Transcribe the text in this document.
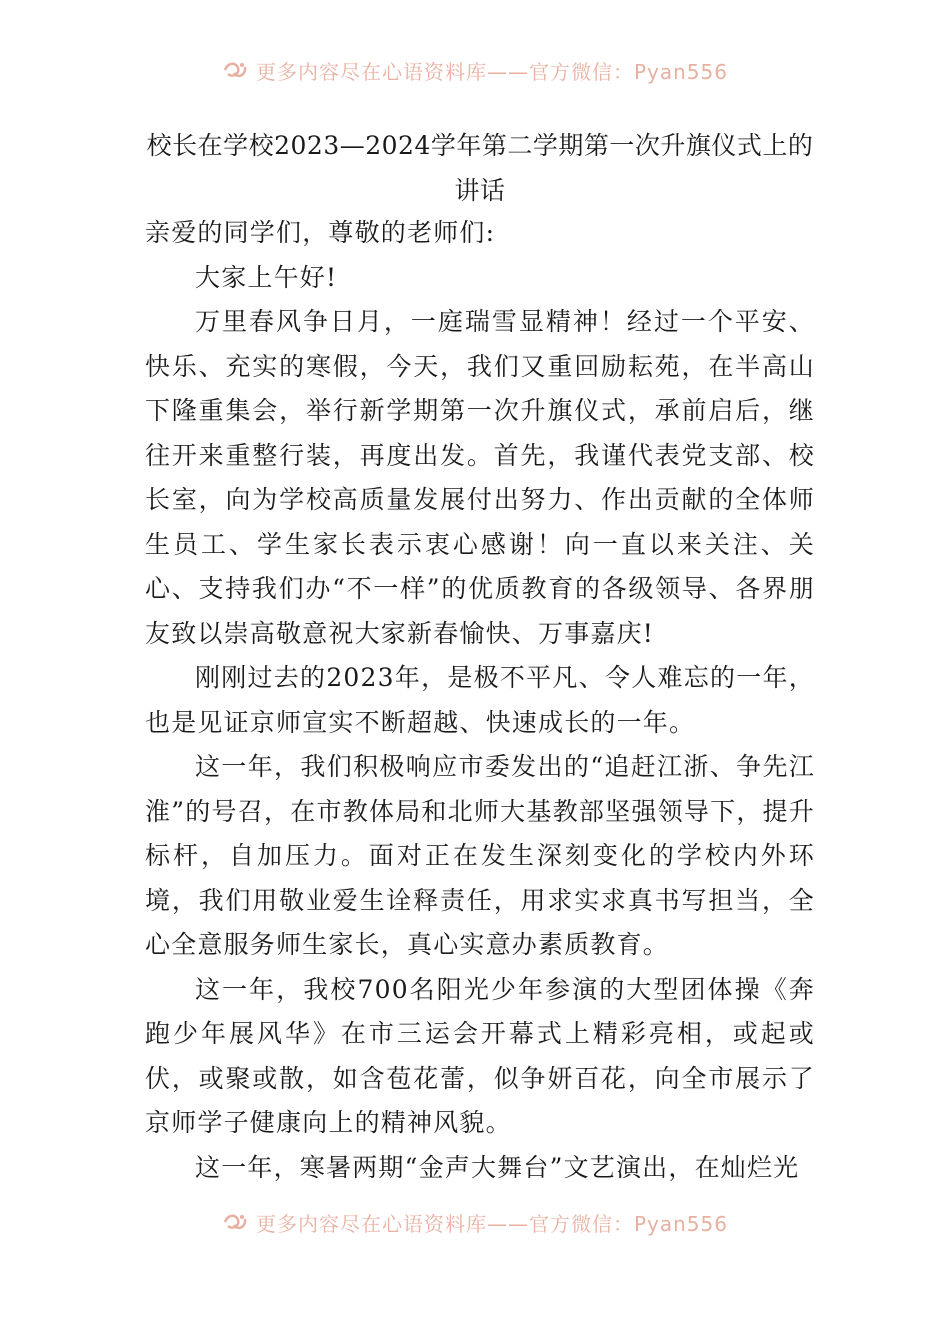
更多内容尽在心语资料库——官方微信：Pyan556
校长在学校2023—2024学年第二学期第一次升旗仪式上的
讲话

亲爱的同学们，尊敬的老师们:

大家上午好!

万里春风争日月，一庭瑞雪显精神！经过一个平安、快乐、充实的寒假，今天，我们又重回励耘苑，在半高山下隆重集会，举行新学期第一次升旗仪式，承前启后，继往开来重整行装，再度出发。首先，我谨代表党支部、校长室，向为学校高质量发展付出努力、作出贡献的全体师生员工、学生家长表示衷心感谢！向一直以来关注、关心、支持我们办“不一样”的优质教育的各级领导、各界朋友致以崇高敬意祝大家新春愉快、万事嘉庆!

刚刚过去的2023年，是极不平凡、令人难忘的一年，也是见证京师宣实不断超越、快速成长的一年。

这一年，我们积极响应市委发出的“追赶江浙、争先江淮”的号召，在市教体局和北师大基教部坚强领导下，提升标杆，自加压力。面对正在发生深刻变化的学校内外环境，我们用敬业爱生诠释责任，用求实求真书写担当，全心全意服务师生家长，真心实意办素质教育。

这一年，我校700名阳光少年参演的大型团体操《奔跑少年展风华》在市三运会开幕式上精彩亮相，或起或伏，或聚或散，如含苞花蕾，似争妍百花，向全市展示了京师学子健康向上的精神风貌。

这一年，寒暑两期“金声大舞台”文艺演出，在灿烂光

更多内容尽在心语资料库——官方微信：Pyan556
